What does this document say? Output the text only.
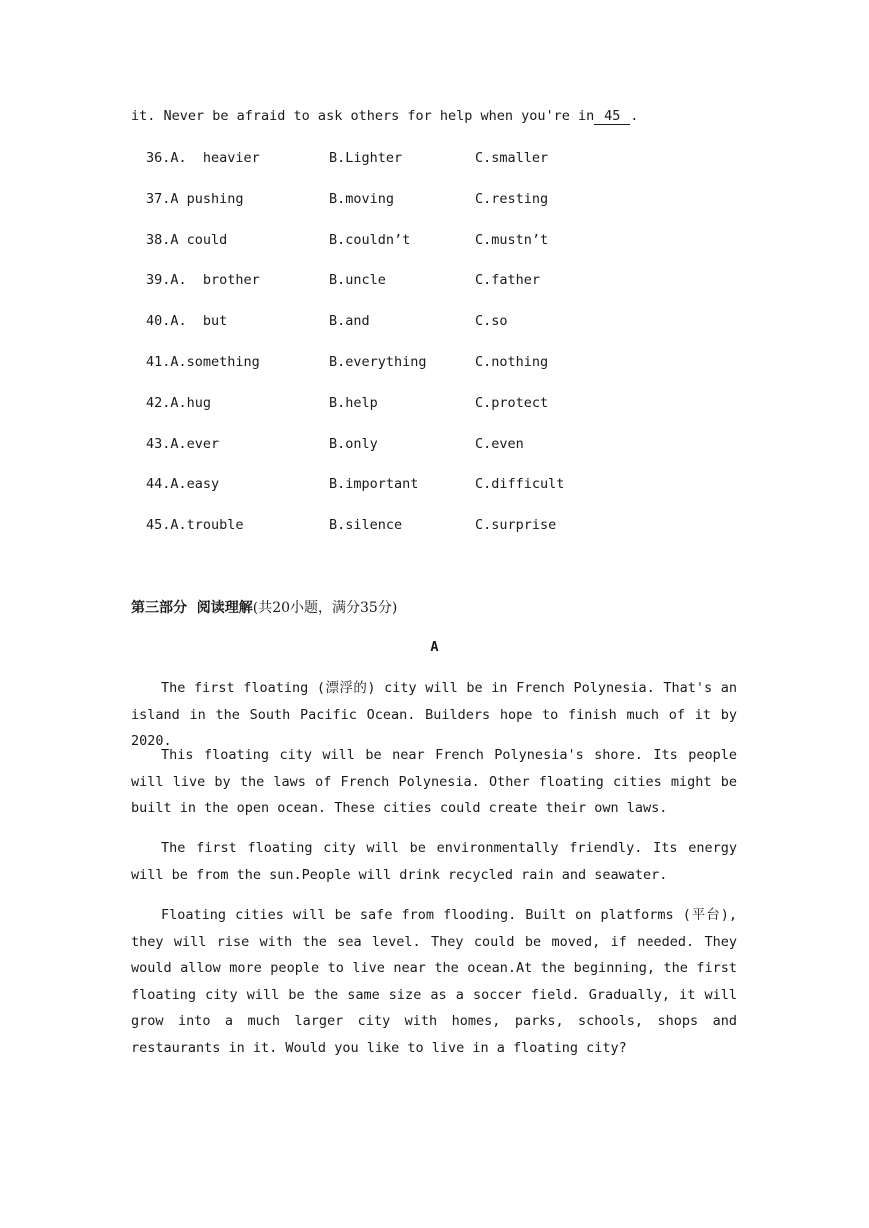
it. Never be afraid to ask others for help when you're in 45 .
36.A.  heavier	B.Lighter	C.smaller
37.A pushing	B.moving	C.resting
38.A could	B.couldn’t	C.mustn’t
39.A.  brother	B.uncle	C.father
40.A.  but	B.and	C.so
41.A.something	B.everything	C.nothing
42.A.hug	B.help	C.protect
43.A.ever	B.only	C.even
44.A.easy	B.important	C.difficult
45.A.trouble	B.silence	C.surprise
第三部分  阅读理解(共20小题，满分35分)
A
The first floating (漂浮的) city will be in French Polynesia. That's an island in the South Pacific Ocean. Builders hope to finish much of it by 2020.
This floating city will be near French Polynesia's shore. Its people will live by the laws of French Polynesia. Other floating cities might be built in the open ocean. These cities could create their own laws.
The first floating city will be environmentally friendly. Its energy will be from the sun.People will drink recycled rain and seawater.
Floating cities will be safe from flooding. Built on platforms (平台), they will rise with the sea level. They could be moved, if needed. They would allow more people to live near the ocean.At the beginning, the first floating city will be the same size as a soccer field. Gradually, it will grow into a much larger city with homes, parks, schools, shops and restaurants in it. Would you like to live in a floating city?
